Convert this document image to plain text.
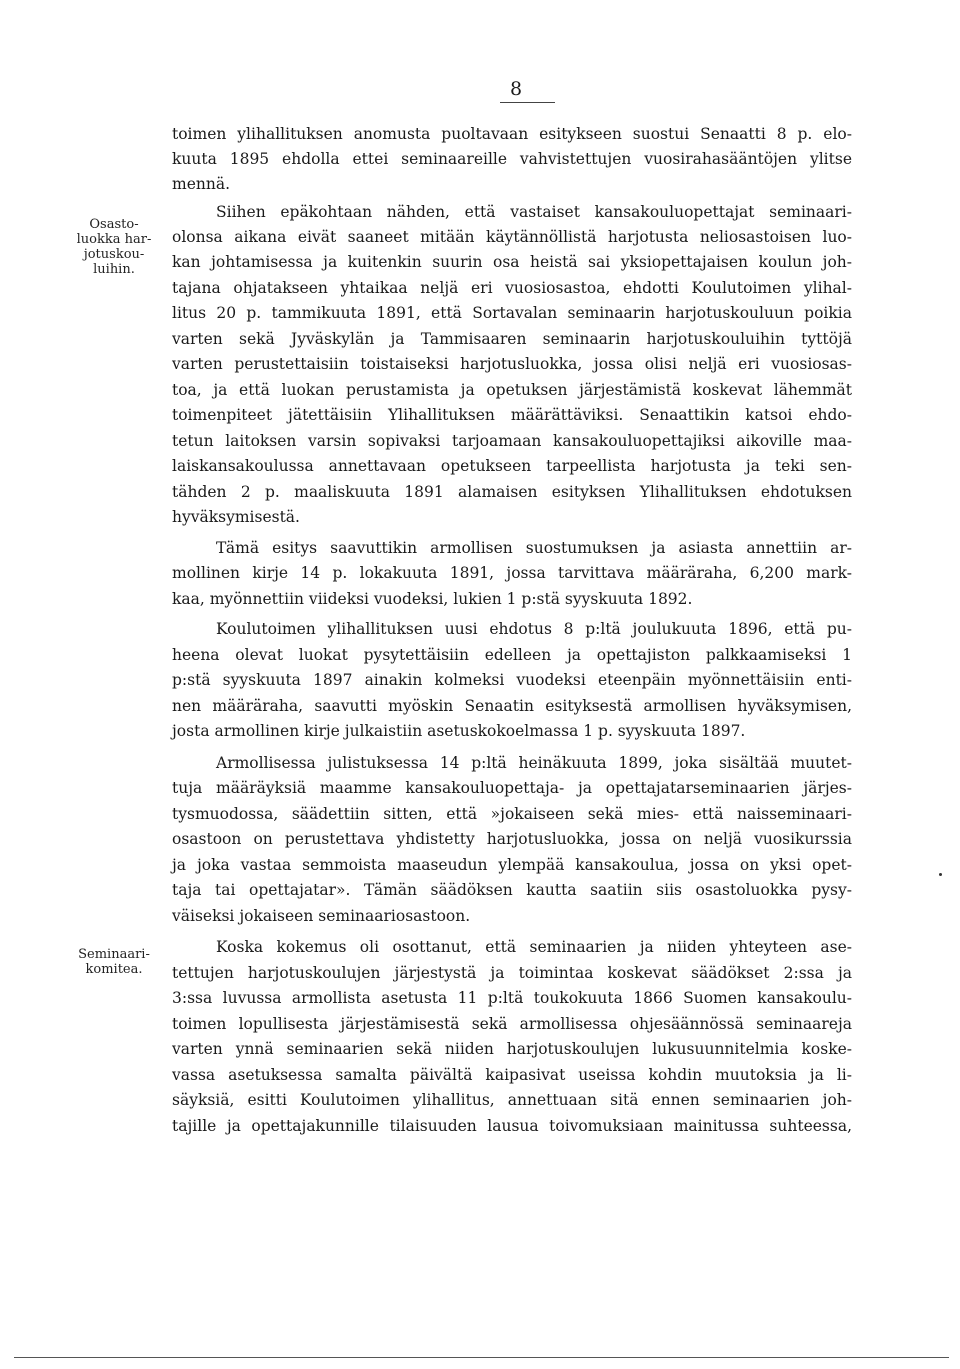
8
Osasto-
luokka har-
jotuskou-
luihin.
Seminaari-
komitea.
toimen ylihallituksen anomusta puoltavaan esitykseen suostui Senaatti 8 p. elo-
kuuta 1895 ehdolla ettei seminaareille vahvistettujen vuosirahasääntöjen ylitse
mennä.
Siihen epäkohtaan nähden, että vastaiset kansakouluopettajat seminaari-
olonsa aikana eivät saaneet mitään käytännöllistä harjotusta neliosastoisen luo-
kan johtamisessa ja kuitenkin suurin osa heistä sai yksiopettajaisen koulun joh-
tajana ohjatakseen yhtaikaa neljä eri vuosiosastoa, ehdotti Koulutoimen ylihal-
litus 20 p. tammikuuta 1891, että Sortavalan seminaarin harjotuskouluun poikia
varten sekä Jyväskylän ja Tammisaaren seminaarin harjotuskouluihin tyttöjä
varten perustettaisiin toistaiseksi harjotusluokka, jossa olisi neljä eri vuosiosas-
toa, ja että luokan perustamista ja opetuksen järjestämistä koskevat lähemmät
toimenpiteet jätettäisiin Ylihallituksen määrättäviksi. Senaattikin katsoi ehdo-
tetun laitoksen varsin sopivaksi tarjoamaan kansakouluopettajiksi aikoville maa-
laiskansakoulussa annettavaan opetukseen tarpeellista harjotusta ja teki sen-
tähden 2 p. maaliskuuta 1891 alamaisen esityksen Ylihallituksen ehdotuksen
hyväksymisestä.
Tämä esitys saavuttikin armollisen suostumuksen ja asiasta annettiin ar-
mollinen kirje 14 p. lokakuuta 1891, jossa tarvittava määräraha, 6,200 mark-
kaa, myönnettiin viideksi vuodeksi, lukien 1 p:stä syyskuuta 1892.
Koulutoimen ylihallituksen uusi ehdotus 8 p:ltä joulukuuta 1896, että pu-
heena olevat luokat pysytettäisiin edelleen ja opettajiston palkkaamiseksi 1
p:stä syyskuuta 1897 ainakin kolmeksi vuodeksi eteenpäin myönnettäisiin enti-
nen määräraha, saavutti myöskin Senaatin esityksestä armollisen hyväksymisen,
josta armollinen kirje julkaistiin asetuskokoelmassa 1 p. syyskuuta 1897.
Armollisessa julistuksessa 14 p:ltä heinäkuuta 1899, joka sisältää muutet-
tuja määräyksiä maamme kansakouluopettaja- ja opettajatarseminaarien järjes-
tysmuodossa, säädettiin sitten, että »jokaiseen sekä mies- että naisseminaari-
osastoon on perustettava yhdistetty harjotusluokka, jossa on neljä vuosikurssia
ja joka vastaa semmoista maaseudun ylempää kansakoulua, jossa on yksi opet-
taja tai opettajatar». Tämän säädöksen kautta saatiin siis osastoluokka pysy-
väiseksi jokaiseen seminaariosastoon.
Koska kokemus oli osottanut, että seminaarien ja niiden yhteyteen ase-
tettujen harjotuskoulujen järjestystä ja toimintaa koskevat säädökset 2:ssa ja
3:ssa luvussa armollista asetusta 11 p:ltä toukokuuta 1866 Suomen kansakoulu-
toimen lopullisesta järjestämisestä sekä armollisessa ohjesäännössä seminaareja
varten ynnä seminaarien sekä niiden harjotuskoulujen lukusuunnitelmia koske-
vassa asetuksessa samalta päivältä kaipasivat useissa kohdin muutoksia ja li-
säyksiä, esitti Koulutoimen ylihallitus, annettuaan sitä ennen seminaarien joh-
tajille ja opettajakunnille tilaisuuden lausua toivomuksiaan mainitussa suhteessa,
